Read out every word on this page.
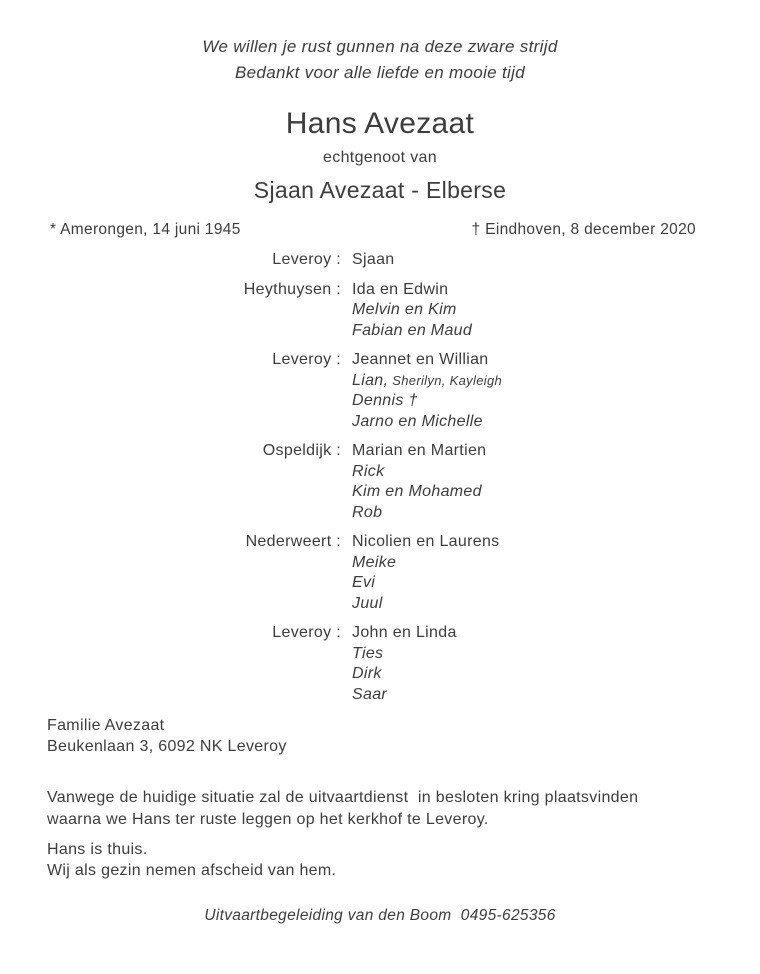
We willen je rust gunnen na deze zware strijd
Bedankt voor alle liefde en mooie tijd
Hans Avezaat
echtgenoot van
Sjaan Avezaat - Elberse
* Amerongen, 14 juni 1945	† Eindhoven, 8 december 2020
Leveroy : Sjaan
Heythuysen : Ida en Edwin
Melvin en Kim
Fabian en Maud
Leveroy : Jeannet en Willian
Lian, Sherilyn, Kayleigh
Dennis †
Jarno en Michelle
Ospeldijk : Marian en Martien
Rick
Kim en Mohamed
Rob
Nederweert : Nicolien en Laurens
Meike
Evi
Juul
Leveroy : John en Linda
Ties
Dirk
Saar
Familie Avezaat
Beukenlaan 3, 6092 NK Leveroy
Vanwege de huidige situatie zal de uitvaartdienst  in besloten kring plaatsvinden
waarna we Hans ter ruste leggen op het kerkhof te Leveroy.
Hans is thuis.
Wij als gezin nemen afscheid van hem.
Uitvaartbegeleiding van den Boom  0495-625356
